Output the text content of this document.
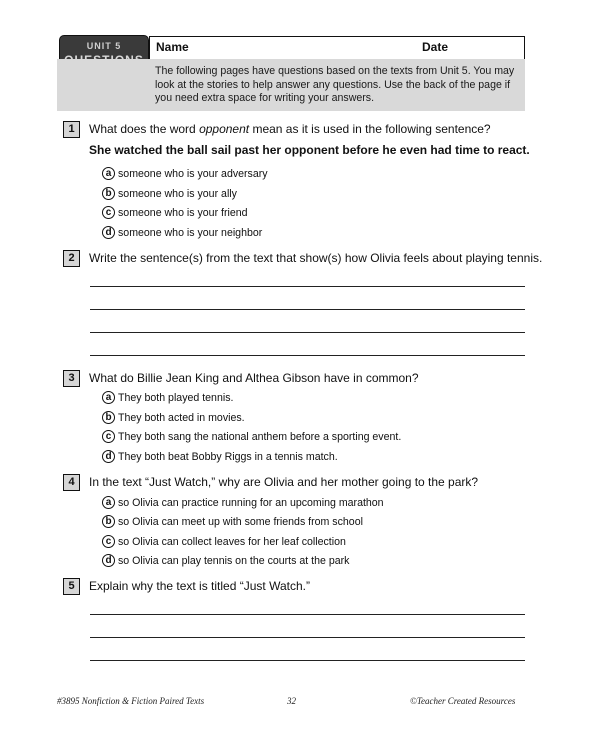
UNIT 5	Name	Date

The following pages have questions based on the texts from Unit 5. You may look at the stories to help answer any questions. Use the back of the page if you need extra space for writing your answers.

1	What does the word opponent mean as it is used in the following sentence?
She watched the ball sail past her opponent before he even had time to react.
a someone who is your adversary
b someone who is your ally
c someone who is your friend
d someone who is your neighbor
2	Write the sentence(s) from the text that show(s) how Olivia feels about playing tennis.
3	What do Billie Jean King and Althea Gibson have in common?
a They both played tennis.
b They both acted in movies.
c They both sang the national anthem before a sporting event.
d They both beat Bobby Riggs in a tennis match.
4	In the text “Just Watch,” why are Olivia and her mother going to the park?
a so Olivia can practice running for an upcoming marathon
b so Olivia can meet up with some friends from school
c so Olivia can collect leaves for her leaf collection
d so Olivia can play tennis on the courts at the park
5	Explain why the text is titled “Just Watch.”
#3895 Nonfiction & Fiction Paired Texts	32	©Teacher Created Resources
